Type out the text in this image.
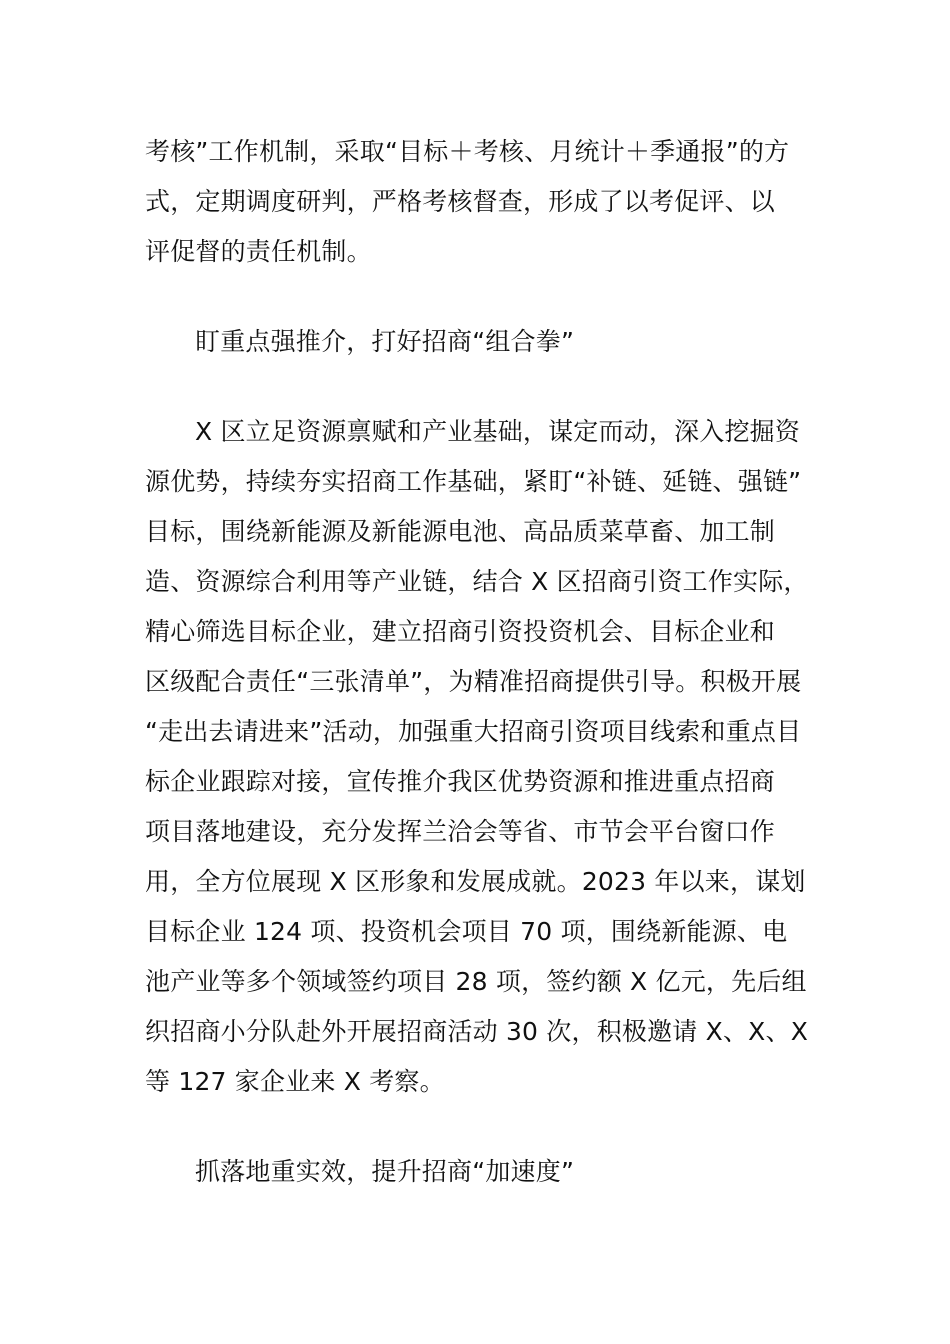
考核”工作机制，采取“目标＋考核、月统计＋季通报”的方
式，定期调度研判，严格考核督查，形成了以考促评、以
评促督的责任机制。
盯重点强推介，打好招商“组合拳”
X 区立足资源禀赋和产业基础，谋定而动，深入挖掘资
源优势，持续夯实招商工作基础，紧盯“补链、延链、强链”
目标，围绕新能源及新能源电池、高品质菜草畜、加工制
造、资源综合利用等产业链，结合 X 区招商引资工作实际，
精心筛选目标企业，建立招商引资投资机会、目标企业和
区级配合责任“三张清单”，为精准招商提供引导。积极开展
“走出去请进来”活动，加强重大招商引资项目线索和重点目
标企业跟踪对接，宣传推介我区优势资源和推进重点招商
项目落地建设，充分发挥兰洽会等省、市节会平台窗口作
用，全方位展现 X 区形象和发展成就。2023 年以来，谋划
目标企业 124 项、投资机会项目 70 项，围绕新能源、电
池产业等多个领域签约项目 28 项，签约额 X 亿元，先后组
织招商小分队赴外开展招商活动 30 次，积极邀请 X、X、X
等 127 家企业来 X 考察。
抓落地重实效，提升招商“加速度”
